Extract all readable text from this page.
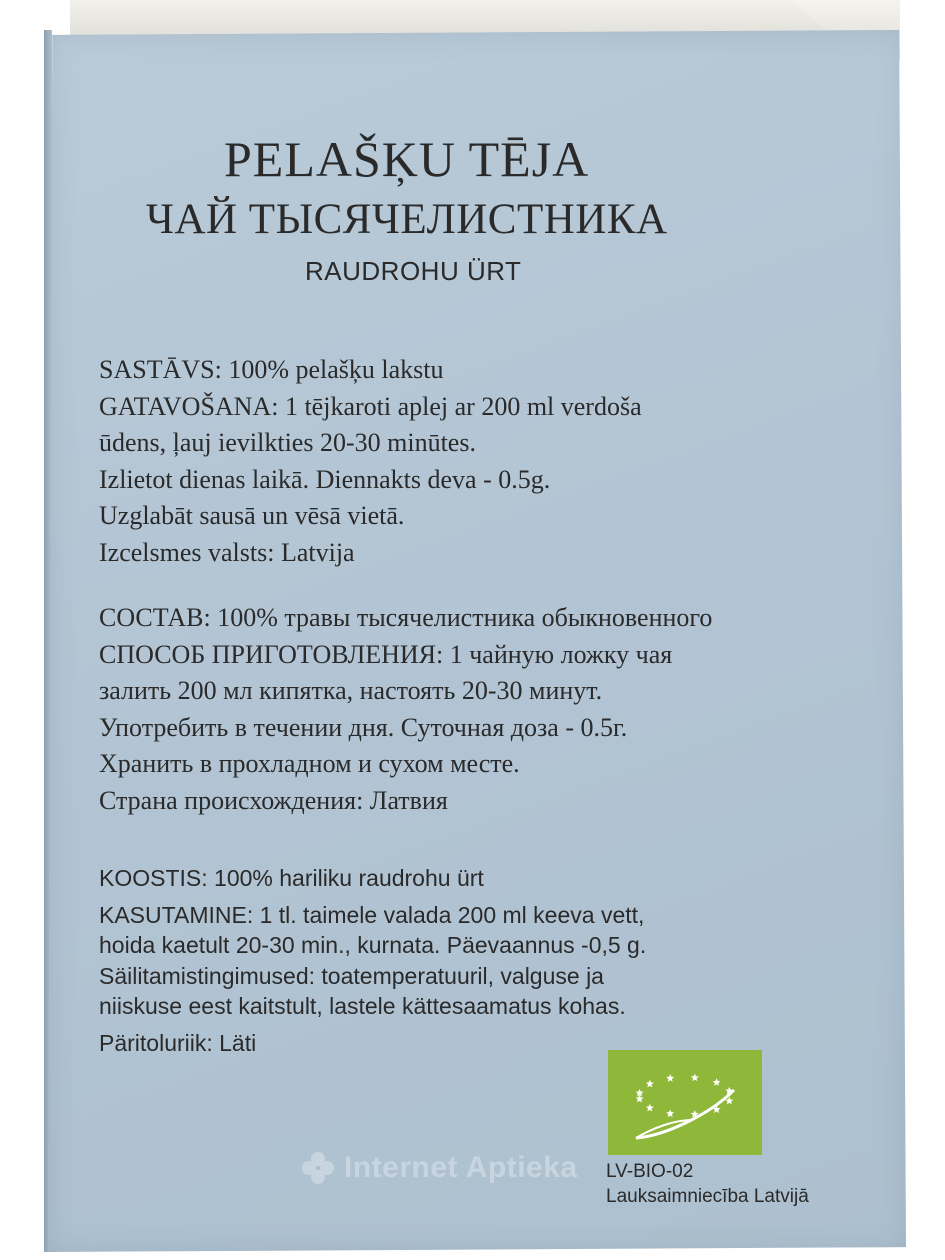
PELAŠĶU TĒJA
ЧАЙ ТЫСЯЧЕЛИСТНИКА
RAUDROHU ÜRT
SASTĀVS: 100% pelašķu lakstu
GATAVOŠANA: 1 tējkaroti aplej ar 200 ml verdoša
ūdens, ļauj ievilkties 20-30 minūtes.
Izlietot dienas laikā. Diennakts deva - 0.5g.
Uzglabāt sausā un vēsā vietā.
Izcelsmes valsts: Latvija
СОСТАВ: 100% травы тысячелистника обыкновенного
СПОСОБ ПРИГОТОВЛЕНИЯ: 1 чайную ложку чая
залить 200 мл кипятка, настоять 20-30 минут.
Употребить в течении дня. Суточная доза - 0.5г.
Хранить в прохладном и сухом месте.
Страна происхождения: Латвия
KOOSTIS: 100% hariliku raudrohu ürt
KASUTAMINE: 1 tl. taimele valada 200 ml keeva vett,
hoida kaetult 20-30 min., kurnata. Päevaannus -0,5 g.
Säilitamistingimused: toatemperatuuril, valguse ja
niiskuse eest kaitstult, lastele kättesaamatus kohas.
Päritoluriik: Läti
LV-BIO-02
Lauksaimniecība Latvijā
Internet Aptieka
